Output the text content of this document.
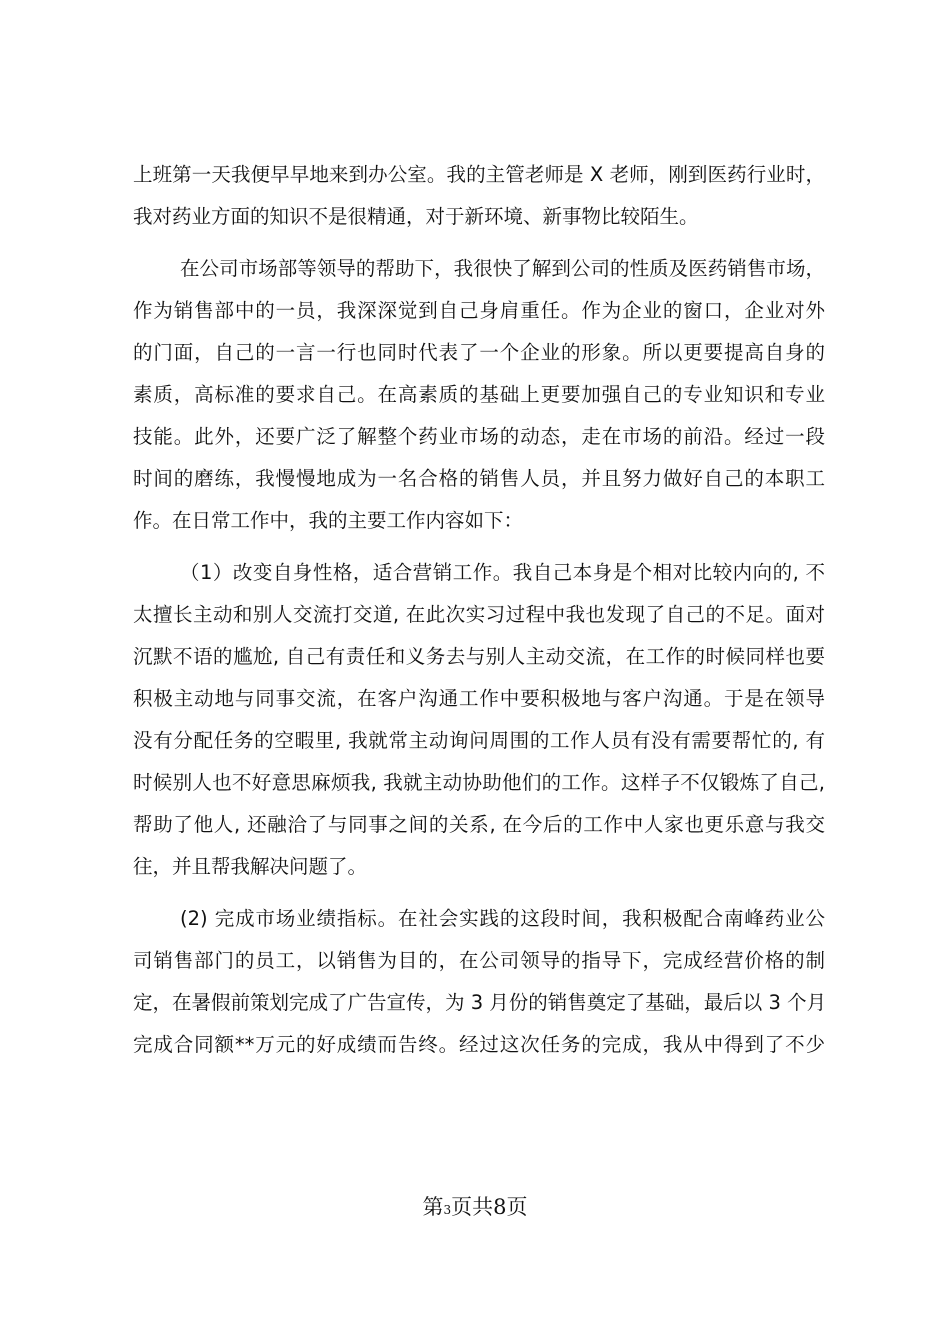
上班第一天我便早早地来到办公室。我的主管老师是 X 老师，刚到医药行业时，
我对药业方面的知识不是很精通，对于新环境、新事物比较陌生。
在公司市场部等领导的帮助下，我很快了解到公司的性质及医药销售市场，
作为销售部中的一员，我深深觉到自己身肩重任。作为企业的窗口，企业对外
的门面，自己的一言一行也同时代表了一个企业的形象。所以更要提高自身的
素质，高标准的要求自己。在高素质的基础上更要加强自己的专业知识和专业
技能。此外，还要广泛了解整个药业市场的动态，走在市场的前沿。经过一段
时间的磨练，我慢慢地成为一名合格的销售人员，并且努力做好自己的本职工
作。在日常工作中，我的主要工作内容如下：
（1）改变自身性格，适合营销工作。我自己本身是个相对比较内向的, 不
太擅长主动和别人交流打交道, 在此次实习过程中我也发现了自己的不足。面对
沉默不语的尴尬, 自己有责任和义务去与别人主动交流，在工作的时候同样也要
积极主动地与同事交流，在客户沟通工作中要积极地与客户沟通。于是在领导
没有分配任务的空暇里, 我就常主动询问周围的工作人员有没有需要帮忙的, 有
时候别人也不好意思麻烦我, 我就主动协助他们的工作。这样子不仅锻炼了自己,
帮助了他人, 还融洽了与同事之间的关系, 在今后的工作中人家也更乐意与我交
往，并且帮我解决问题了。
(2) 完成市场业绩指标。在社会实践的这段时间，我积极配合南峰药业公
司销售部门的员工，以销售为目的，在公司领导的指导下，完成经营价格的制
定，在暑假前策划完成了广告宣传，为 3 月份的销售奠定了基础，最后以 3 个月
完成合同额**万元的好成绩而告终。经过这次任务的完成，我从中得到了不少
第3页共8页
